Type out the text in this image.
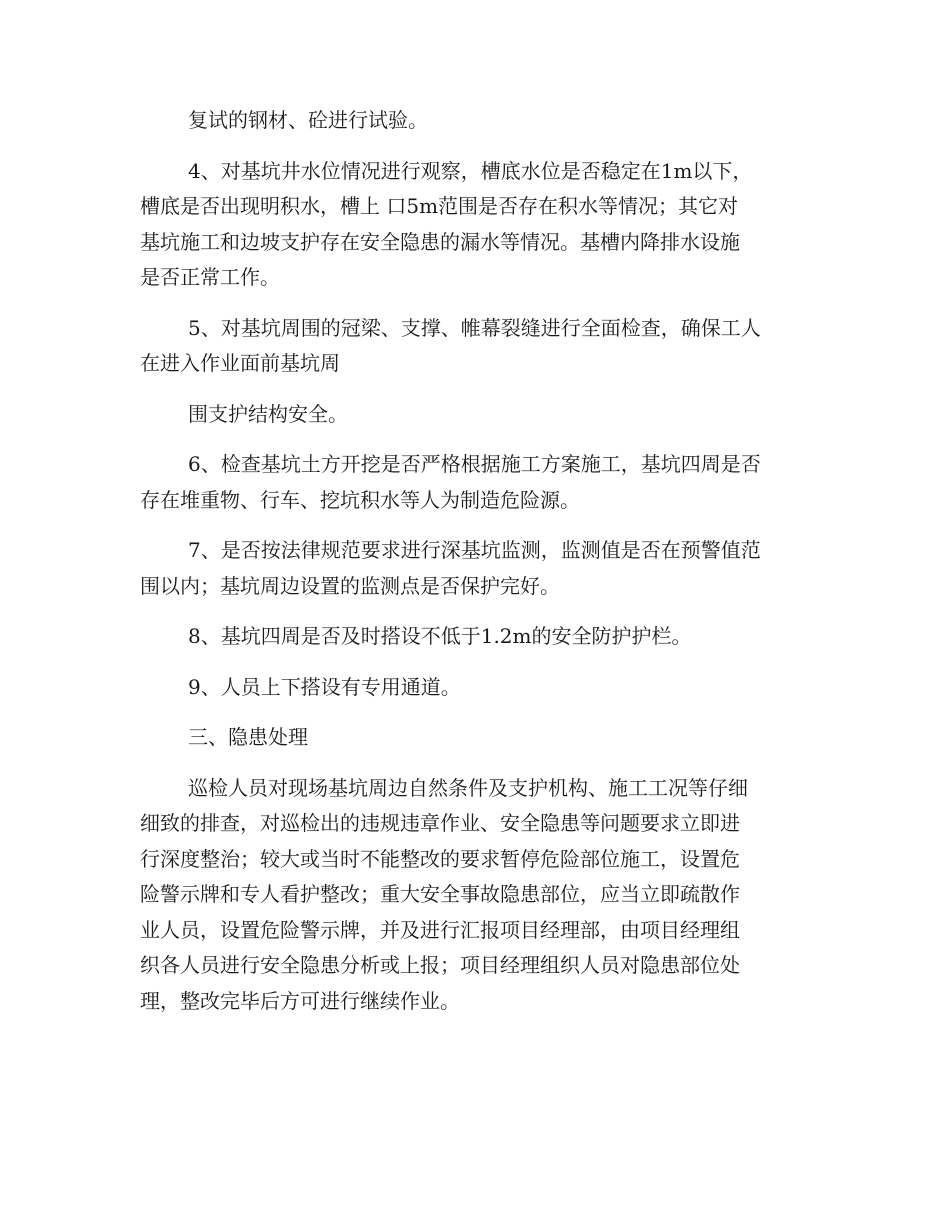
复试的钢材、砼进行试验。
4、对基坑井水位情况进行观察，槽底水位是否稳定在1m以下，
槽底是否出现明积水，槽上 口5m范围是否存在积水等情况；其它对
基坑施工和边坡支护存在安全隐患的漏水等情况。基槽内降排水设施
是否正常工作。
5、对基坑周围的冠梁、支撑、帷幕裂缝进行全面检查，确保工人
在进入作业面前基坑周
围支护结构安全。
6、检查基坑土方开挖是否严格根据施工方案施工，基坑四周是否
存在堆重物、行车、挖坑积水等人为制造危险源。
7、是否按法律规范要求进行深基坑监测，监测值是否在预警值范
围以内；基坑周边设置的监测点是否保护完好。
8、基坑四周是否及时搭设不低于1.2m的安全防护护栏。
9、人员上下搭设有专用通道。
三、隐患处理
巡检人员对现场基坑周边自然条件及支护机构、施工工况等仔细
细致的排查，对巡检出的违规违章作业、安全隐患等问题要求立即进
行深度整治；较大或当时不能整改的要求暂停危险部位施工，设置危
险警示牌和专人看护整改；重大安全事故隐患部位，应当立即疏散作
业人员，设置危险警示牌，并及进行汇报项目经理部，由项目经理组
织各人员进行安全隐患分析或上报；项目经理组织人员对隐患部位处
理，整改完毕后方可进行继续作业。
